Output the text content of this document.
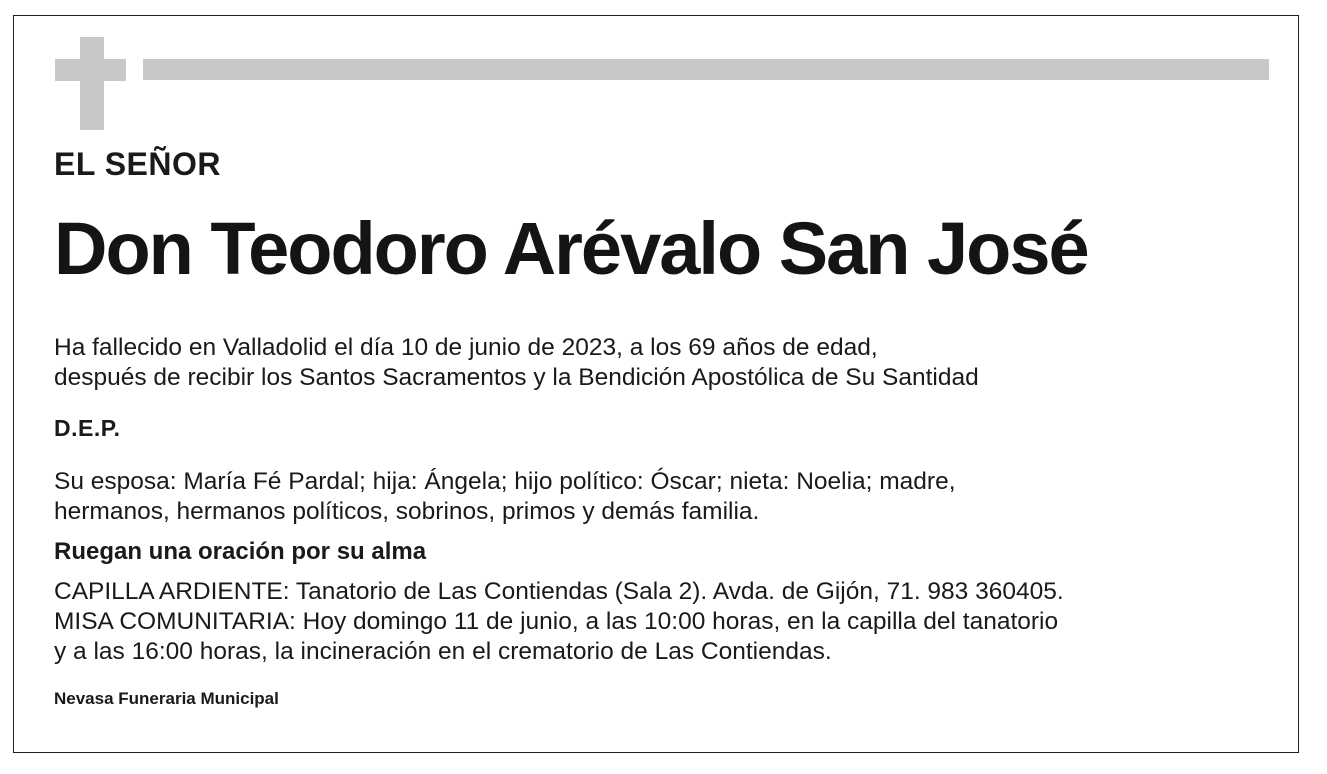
EL SEÑOR
Don Teodoro Arévalo San José
Ha fallecido en Valladolid el día 10 de junio de 2023, a los 69 años de edad,
después de recibir los Santos Sacramentos y la Bendición Apostólica de Su Santidad
D.E.P.
Su esposa: María Fé Pardal; hija: Ángela; hijo político: Óscar; nieta: Noelia; madre,
hermanos, hermanos políticos, sobrinos, primos y demás familia.
Ruegan una oración por su alma
CAPILLA ARDIENTE: Tanatorio de Las Contiendas (Sala 2). Avda. de Gijón, 71. 983 360405.
MISA COMUNITARIA: Hoy domingo 11 de junio, a las 10:00 horas, en la capilla del tanatorio
y a las 16:00 horas, la incineración en el crematorio de Las Contiendas.
Nevasa Funeraria Municipal
